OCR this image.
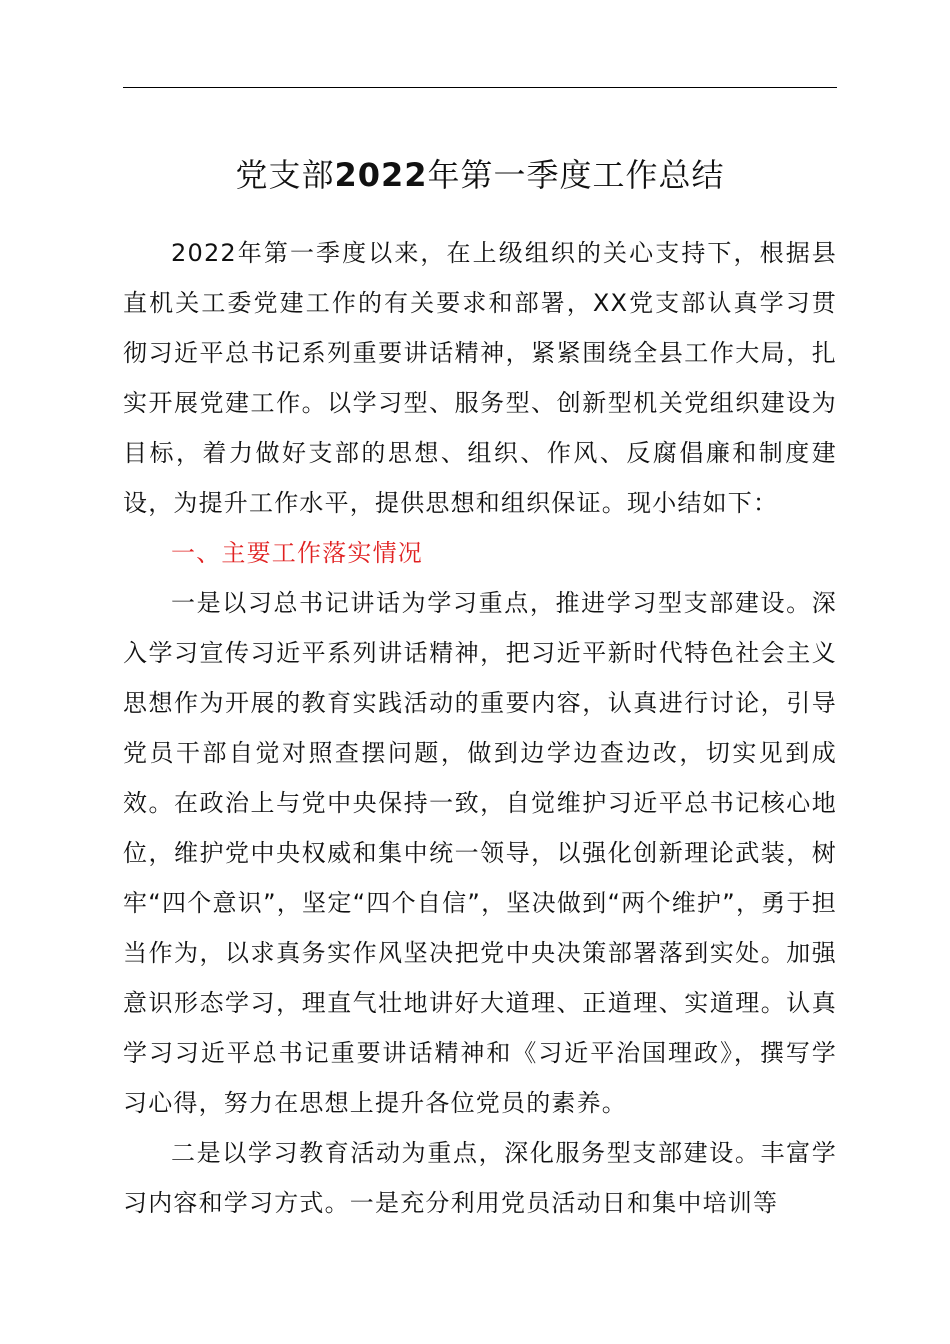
党支部2022年第一季度工作总结

2022年第一季度以来，在上级组织的关心支持下，根据县直机关工委党建工作的有关要求和部署，XX党支部认真学习贯彻习近平总书记系列重要讲话精神，紧紧围绕全县工作大局，扎实开展党建工作。以学习型、服务型、创新型机关党组织建设为目标，着力做好支部的思想、组织、作风、反腐倡廉和制度建设，为提升工作水平，提供思想和组织保证。现小结如下：

一、主要工作落实情况

一是以习总书记讲话为学习重点，推进学习型支部建设。深入学习宣传习近平系列讲话精神，把习近平新时代特色社会主义思想作为开展的教育实践活动的重要内容，认真进行讨论，引导党员干部自觉对照查摆问题，做到边学边查边改，切实见到成效。在政治上与党中央保持一致，自觉维护习近平总书记核心地位，维护党中央权威和集中统一领导，以强化创新理论武装，树牢“四个意识”，坚定“四个自信”，坚决做到“两个维护”，勇于担当作为，以求真务实作风坚决把党中央决策部署落到实处。加强意识形态学习，理直气壮地讲好大道理、正道理、实道理。认真学习习近平总书记重要讲话精神和《习近平治国理政》，撰写学习心得，努力在思想上提升各位党员的素养。

二是以学习教育活动为重点，深化服务型支部建设。丰富学习内容和学习方式。一是充分利用党员活动日和集中培训等
